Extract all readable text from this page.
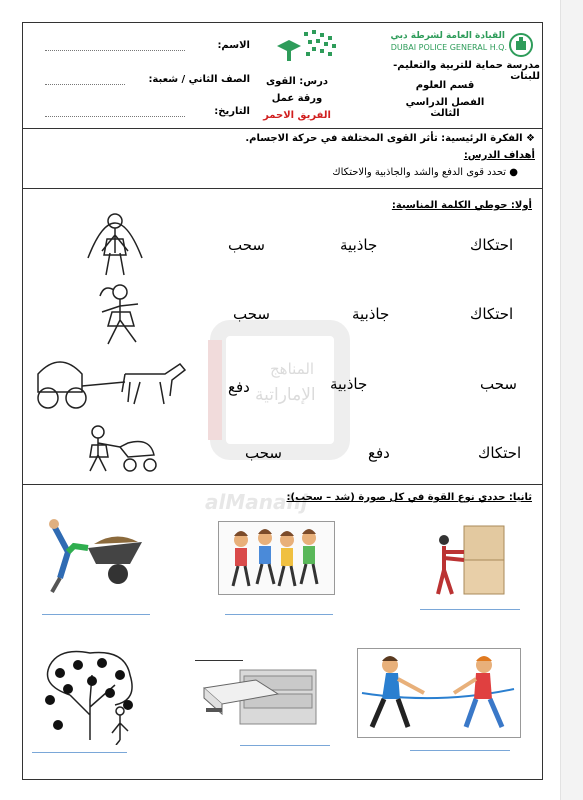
القيادة العامة لشرطة دبي
DUBAI POLICE GENERAL H.Q.
مدرسة حماية للتربية والتعليم-للبنات
قسم العلوم
الفصل الدراسي الثالث
درس: القوى
ورقة عمل
الفريق الاحمر
الاسم:
الصف الثاني / شعبة:
التاريخ:
❖ الفكرة الرئيسية: تأثر القوى المختلفة في حركة الاجسام.
أهداف الدرس:
● تحدد قوى الدفع والشد والجاذبية والاحتكاك
أولا: حوطي الكلمة المناسبة:
المناهج
الإماراتية
alManahj
احتكاك
جاذبية
سحب
احتكاك
جاذبية
سحب
سحب
جاذبية
دفع
احتكاك
دفع
سحب
ثانيا: حددي نوع القوة في كل صورة (شد – سحب):
